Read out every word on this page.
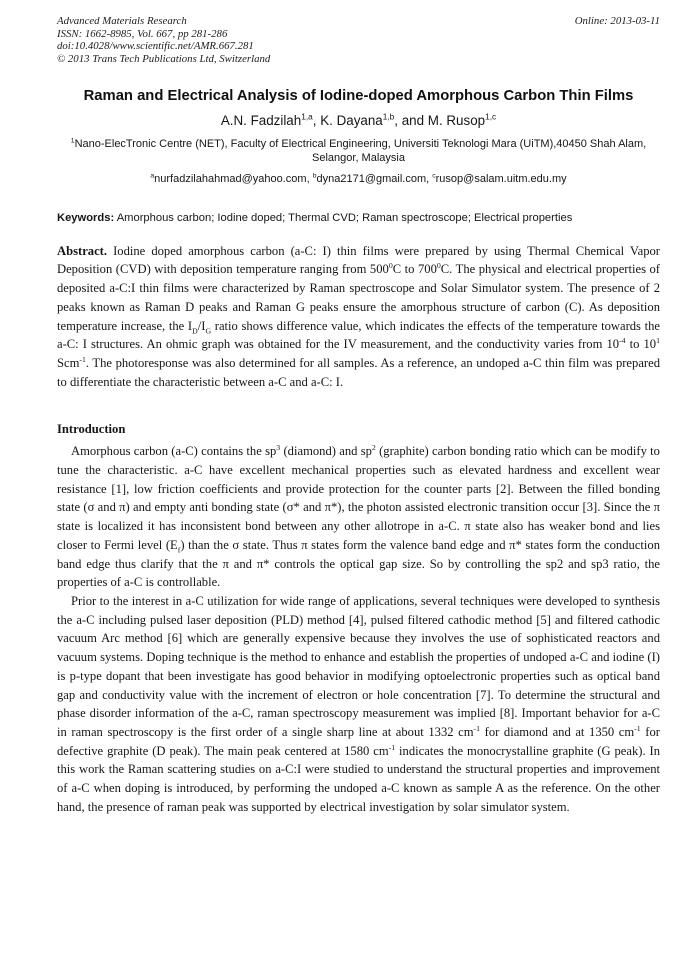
Advanced Materials Research	Online: 2013-03-11
ISSN: 1662-8985, Vol. 667, pp 281-286
doi:10.4028/www.scientific.net/AMR.667.281
© 2013 Trans Tech Publications Ltd, Switzerland
Raman and Electrical Analysis of Iodine-doped Amorphous Carbon Thin Films
A.N. Fadzilah$^{1,a}$, K. Dayana$^{1,b}$, and M. Rusop$^{1,c}$
$^1$Nano-ElecTronic Centre (NET), Faculty of Electrical Engineering, Universiti Teknologi Mara (UiTM),40450 Shah Alam, Selangor, Malaysia
$^a$nurfadzilahahmad@yahoo.com, $^b$dyna2171@gmail.com, $^c$rusop@salam.uitm.edu.my
Keywords: Amorphous carbon; Iodine doped; Thermal CVD; Raman spectroscope; Electrical properties
Abstract. Iodine doped amorphous carbon (a-C: I) thin films were prepared by using Thermal Chemical Vapor Deposition (CVD) with deposition temperature ranging from $500^0C$ to $700^0C$. The physical and electrical properties of deposited a-C:I thin films were characterized by Raman spectroscope and Solar Simulator system. The presence of 2 peaks known as Raman D peaks and Raman G peaks ensure the amorphous structure of carbon (C). As deposition temperature increase, the $I_D/I_G$ ratio shows difference value, which indicates the effects of the temperature towards the a-C: I structures. An ohmic graph was obtained for the IV measurement, and the conductivity varies from $10^{-4}$ to $10^1$ Scm$^{-1}$. The photoresponse was also determined for all samples. As a reference, an undoped a-C thin film was prepared to differentiate the characteristic between a-C and a-C: I.
Introduction
Amorphous carbon (a-C) contains the $sp^3$ (diamond) and $sp^2$ (graphite) carbon bonding ratio which can be modify to tune the characteristic. a-C have excellent mechanical properties such as elevated hardness and excellent wear resistance [1], low friction coefficients and provide protection for the counter parts [2]. Between the filled bonding state (σ and π) and empty anti bonding state (σ* and π*), the photon assisted electronic transition occur [3]. Since the π state is localized it has inconsistent bond between any other allotrope in a-C. π state also has weaker bond and lies closer to Fermi level $(E_f)$ than the σ state. Thus π states form the valence band edge and π* states form the conduction band edge thus clarify that the π and π* controls the optical gap size. So by controlling the sp2 and sp3 ratio, the properties of a-C is controllable.
Prior to the interest in a-C utilization for wide range of applications, several techniques were developed to synthesis the a-C including pulsed laser deposition (PLD) method [4], pulsed filtered cathodic method [5] and filtered cathodic vacuum Arc method [6] which are generally expensive because they involves the use of sophisticated reactors and vacuum systems. Doping technique is the method to enhance and establish the properties of undoped a-C and iodine (I) is p-type dopant that been investigate has good behavior in modifying optoelectronic properties such as optical band gap and conductivity value with the increment of electron or hole concentration [7]. To determine the structural and phase disorder information of the a-C, raman spectroscopy measurement was implied [8]. Important behavior for a-C in raman spectroscopy is the first order of a single sharp line at about 1332 $cm^{-1}$ for diamond and at 1350 $cm^{-1}$ for defective graphite (D peak). The main peak centered at 1580 $cm^{-1}$ indicates the monocrystalline graphite (G peak). In this work the Raman scattering studies on a-C:I were studied to understand the structural properties and improvement of a-C when doping is introduced, by performing the undoped a-C known as sample A as the reference. On the other hand, the presence of raman peak was supported by electrical investigation by solar simulator system.
